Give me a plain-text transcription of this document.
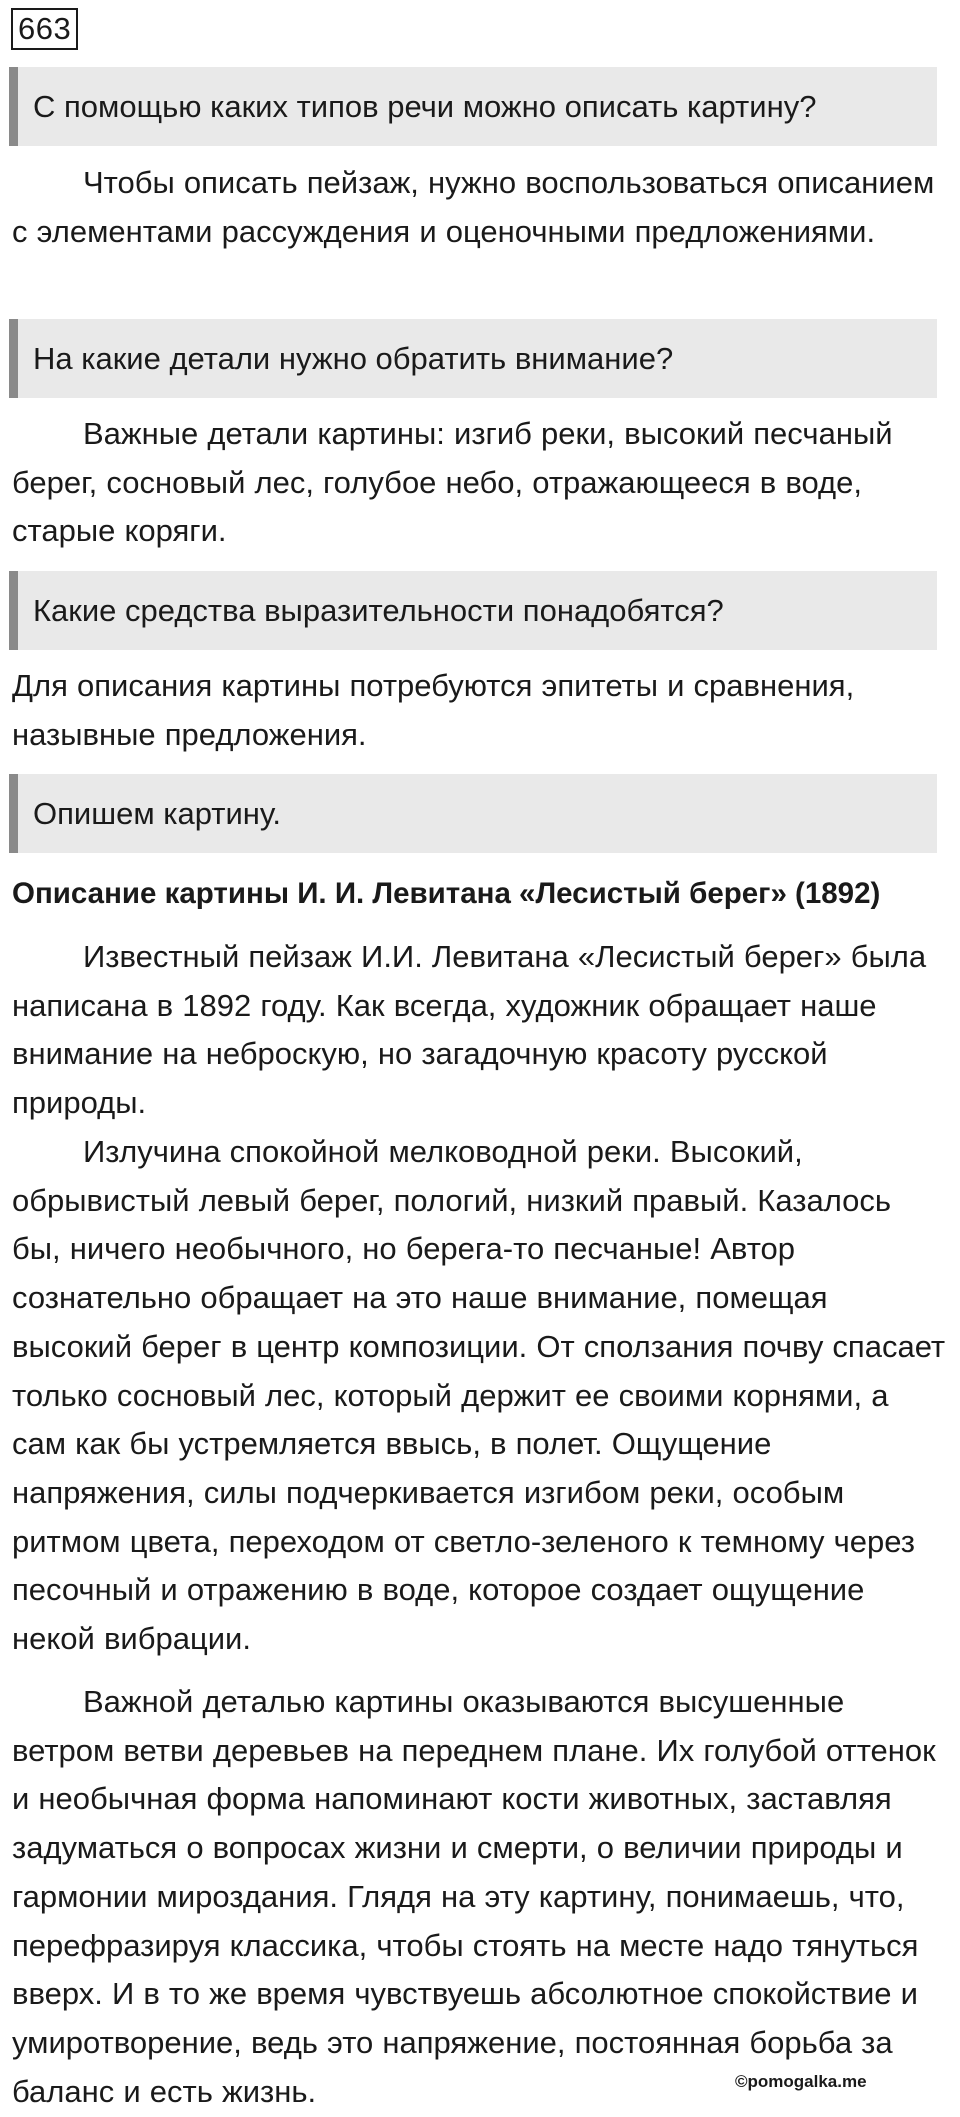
663
С помощью каких типов речи можно описать картину?

Чтобы описать пейзаж, нужно воспользоваться описанием с элементами рассуждения и оценочными предложениями.

На какие детали нужно обратить внимание?

Важные детали картины: изгиб реки, высокий песчаный берег, сосновый лес, голубое небо, отражающееся в воде, старые коряги.

Какие средства выразительности понадобятся?

Для описания картины потребуются эпитеты и сравнения, назывные предложения.

Опишем картину.
Описание картины И. И. Левитана «Лесистый берег» (1892)

Известный пейзаж И.И. Левитана «Лесистый берег» была написана в 1892 году. Как всегда, художник обращает наше внимание на неброскую, но загадочную красоту русской природы.

Излучина спокойной мелководной реки. Высокий, обрывистый левый берег, пологий, низкий правый. Казалось бы, ничего необычного, но берега-то песчаные! Автор сознательно обращает на это наше внимание, помещая высокий берег в центр композиции. От сползания почву спасает только сосновый лес, который держит ее своими корнями, а сам как бы устремляется ввысь, в полет. Ощущение напряжения, силы подчеркивается изгибом реки, особым ритмом цвета, переходом от светло-зеленого к темному через песочный и отражению в воде, которое создает ощущение некой вибрации.

Важной деталью картины оказываются высушенные ветром ветви деревьев на переднем плане. Их голубой оттенок и необычная форма напоминают кости животных, заставляя задуматься о вопросах жизни и смерти, о величии природы и гармонии мироздания. Глядя на эту картину, понимаешь, что, перефразируя классика, чтобы стоять на месте надо тянуться вверх. И в то же время чувствуешь абсолютное спокойствие и умиротворение, ведь это напряжение, постоянная борьба за баланс и есть жизнь.	©pomogalka.me
